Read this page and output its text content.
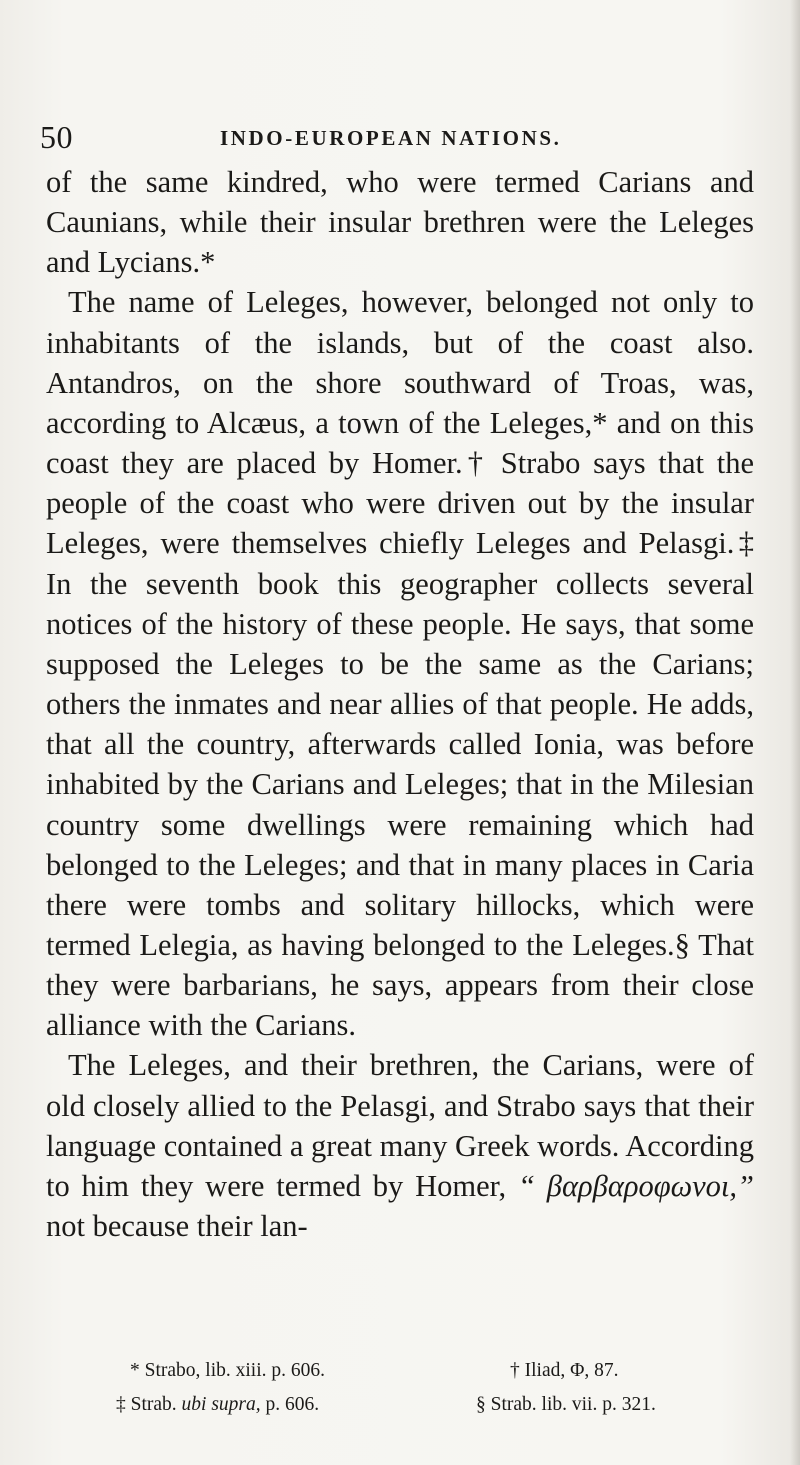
50	INDO-EUROPEAN NATIONS.

of the same kindred, who were termed Carians and Caunians, while their insular brethren were the Leleges and Lycians.*

The name of Leleges, however, belonged not only to inhabitants of the islands, but of the coast also. Antandros, on the shore southward of Troas, was, according to Alcæus, a town of the Leleges,* and on this coast they are placed by Homer.† Strabo says that the people of the coast who were driven out by the insular Leleges, were themselves chiefly Leleges and Pelasgi.‡ In the seventh book this geographer collects several notices of the history of these people. He says, that some supposed the Leleges to be the same as the Carians; others the inmates and near allies of that people. He adds, that all the country, afterwards called Ionia, was before inhabited by the Carians and Leleges; that in the Milesian country some dwellings were remaining which had belonged to the Leleges; and that in many places in Caria there were tombs and solitary hillocks, which were termed Lelegia, as having belonged to the Leleges.§ That they were barbarians, he says, appears from their close alliance with the Carians.

The Leleges, and their brethren, the Carians, were of old closely allied to the Pelasgi, and Strabo says that their language contained a great many Greek words. According to him they were termed by Homer, “ βαρβαροφωνοι,” not because their lan-

* Strabo, lib. xiii. p. 606.	† Iliad, Φ, 87.
‡ Strab. ubi supra, p. 606.	§ Strab. lib. vii. p. 321.
